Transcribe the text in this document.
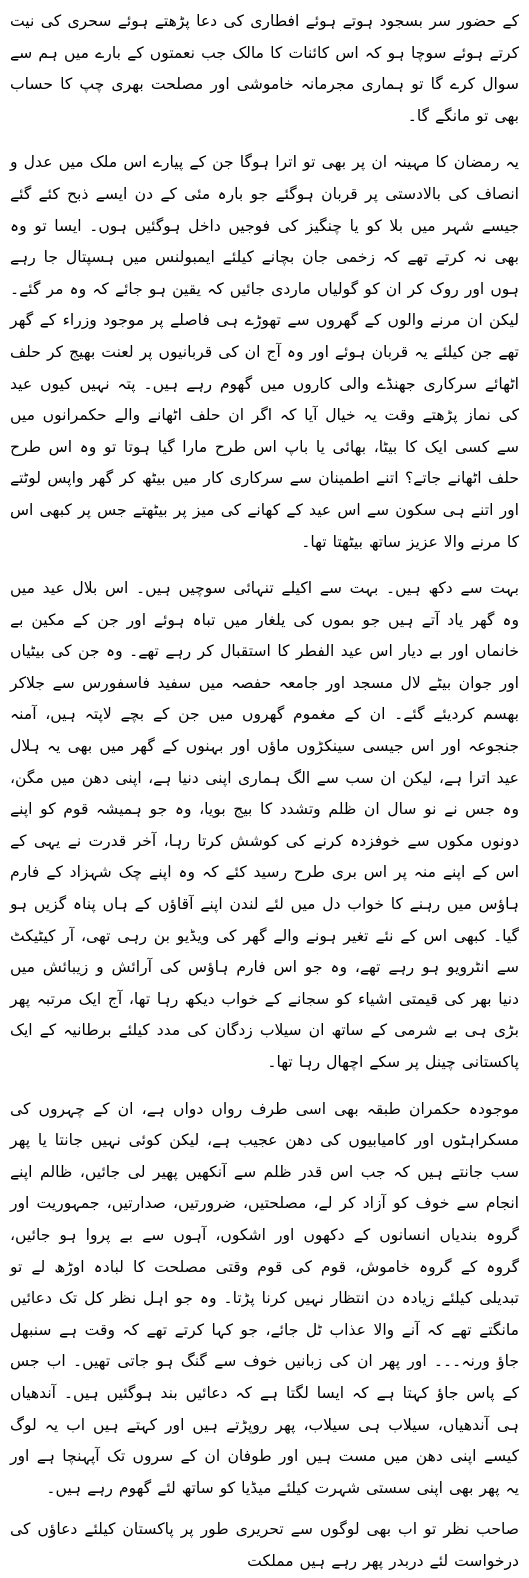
کے حضور سر بسجود ہوتے ہوئے افطاری کی دعا پڑھتے ہوئے سحری کی نیت کرتے ہوئے سوچا ہو کہ اس کائنات کا مالک جب نعمتوں کے بارے میں ہم سے سوال کرے گا تو ہماری مجرمانہ خاموشی اور مصلحت بھری چپ کا حساب بھی تو مانگے گا۔

یہ رمضان کا مہینہ ان پر بھی تو اترا ہوگا جن کے پیارے اس ملک میں عدل و انصاف کی بالادستی پر قربان ہوگئے جو بارہ مئی کے دن ایسے ذبح کئے گئے جیسے شہر میں بلا کو یا چنگیز کی فوجیں داخل ہوگئیں ہوں۔ ایسا تو وہ بھی نہ کرتے تھے کہ زخمی جان بچانے کیلئے ایمبولنس میں ہسپتال جا رہے ہوں اور روک کر ان کو گولیاں ماردی جائیں کہ یقین ہو جائے کہ وہ مر گئے۔ لیکن ان مرنے والوں کے گھروں سے تھوڑے ہی فاصلے پر موجود وزراء کے گھر تھے جن کیلئے یہ قربان ہوئے اور وہ آج ان کی قربانیوں پر لعنت بھیج کر حلف اٹھائے سرکاری جھنڈے والی کاروں میں گھوم رہے ہیں۔ پتہ نہیں کیوں عید کی نماز پڑھتے وقت یہ خیال آیا کہ اگر ان حلف اٹھانے والے حکمرانوں میں سے کسی ایک کا بیٹا، بھائی یا باپ اس طرح مارا گیا ہوتا تو وہ اس طرح حلف اٹھانے جاتے؟ اتنے اطمینان سے سرکاری کار میں بیٹھ کر گھر واپس لوٹتے اور اتنے ہی سکون سے اس عید کے کھانے کی میز پر بیٹھتے جس پر کبھی اس کا مرنے والا عزیز ساتھ بیٹھتا تھا۔

بہت سے دکھ ہیں۔ بہت سے اکیلے تنہائی سوچیں ہیں۔ اس بلال عید میں وہ گھر یاد آتے ہیں جو بموں کی یلغار میں تباہ ہوئے اور جن کے مکین بے خانماں اور بے دیار اس عید الفطر کا استقبال کر رہے تھے۔ وہ جن کی بیٹیاں اور جوان بیٹے لال مسجد اور جامعہ حفصہ میں سفید فاسفورس سے جلاکر بھسم کردیئے گئے۔ ان کے مغموم گھروں میں جن کے بچے لاپتہ ہیں، آمنہ جنجوعہ اور اس جیسی سینکڑوں ماؤں اور بہنوں کے گھر میں بھی یہ ہلال عید اترا ہے، لیکن ان سب سے الگ ہماری اپنی دنیا ہے، اپنی دھن میں مگن، وہ جس نے نو سال ان ظلم وتشدد کا بیج بویا، وہ جو ہمیشہ قوم کو اپنے دونوں مکوں سے خوفزدہ کرنے کی کوشش کرتا رہا، آخر قدرت نے یہی کے اس کے اپنے منہ پر اس بری طرح رسید کئے کہ وہ اپنے چک شہزاد کے فارم ہاؤس میں رہنے کا خواب دل میں لئے لندن اپنے آقاؤں کے ہاں پناہ گزیں ہو گیا۔ کبھی اس کے نئے تغیر ہونے والے گھر کی ویڈیو بن رہی تھی، آر کیٹیکٹ سے انٹرویو ہو رہے تھے، وہ جو اس فارم ہاؤس کی آرائش و زیبائش میں دنیا بھر کی قیمتی اشیاء کو سجانے کے خواب دیکھ رہا تھا، آج ایک مرتبہ پھر بڑی ہی بے شرمی کے ساتھ ان سیلاب زدگان کی مدد کیلئے برطانیہ کے ایک پاکستانی چینل پر سکے اچھال رہا تھا۔

موجودہ حکمران طبقہ بھی اسی طرف رواں دواں ہے، ان کے چہروں کی مسکراہٹوں اور کامیابیوں کی دھن عجیب ہے، لیکن کوئی نہیں جانتا یا پھر سب جانتے ہیں کہ جب اس قدر ظلم سے آنکھیں پھیر لی جائیں، ظالم اپنے انجام سے خوف کو آزاد کر لے، مصلحتیں، ضرورتیں، صدارتیں، جمہوریت اور گروہ بندیاں انسانوں کے دکھوں اور اشکوں، آہوں سے بے پروا ہو جائیں، گروہ کے گروہ خاموش، قوم کی قوم وقتی مصلحت کا لبادہ اوڑھ لے تو تبدیلی کیلئے زیادہ دن انتظار نہیں کرنا پڑتا۔ وہ جو اہل نظر کل تک دعائیں مانگتے تھے کہ آنے والا عذاب ٹل جائے، جو کہا کرتے تھے کہ وقت ہے سنبھل جاؤ ورنہ۔۔۔ اور پھر ان کی زبانیں خوف سے گنگ ہو جاتی تھیں۔ اب جس کے پاس جاؤ کہتا ہے کہ ایسا لگتا ہے کہ دعائیں بند ہوگئیں ہیں۔ آندھیاں ہی آندھیاں، سیلاب ہی سیلاب، پھر روپڑتے ہیں اور کہتے ہیں اب یہ لوگ کیسے اپنی دھن میں مست ہیں اور طوفان ان کے سروں تک آپہنچا ہے اور یہ پھر بھی اپنی سستی شہرت کیلئے میڈیا کو ساتھ لئے گھوم رہے ہیں۔

صاحب نظر تو اب بھی لوگوں سے تحریری طور پر پاکستان کیلئے دعاؤں کی درخواست لئے دربدر پھر رہے ہیں مملکت
